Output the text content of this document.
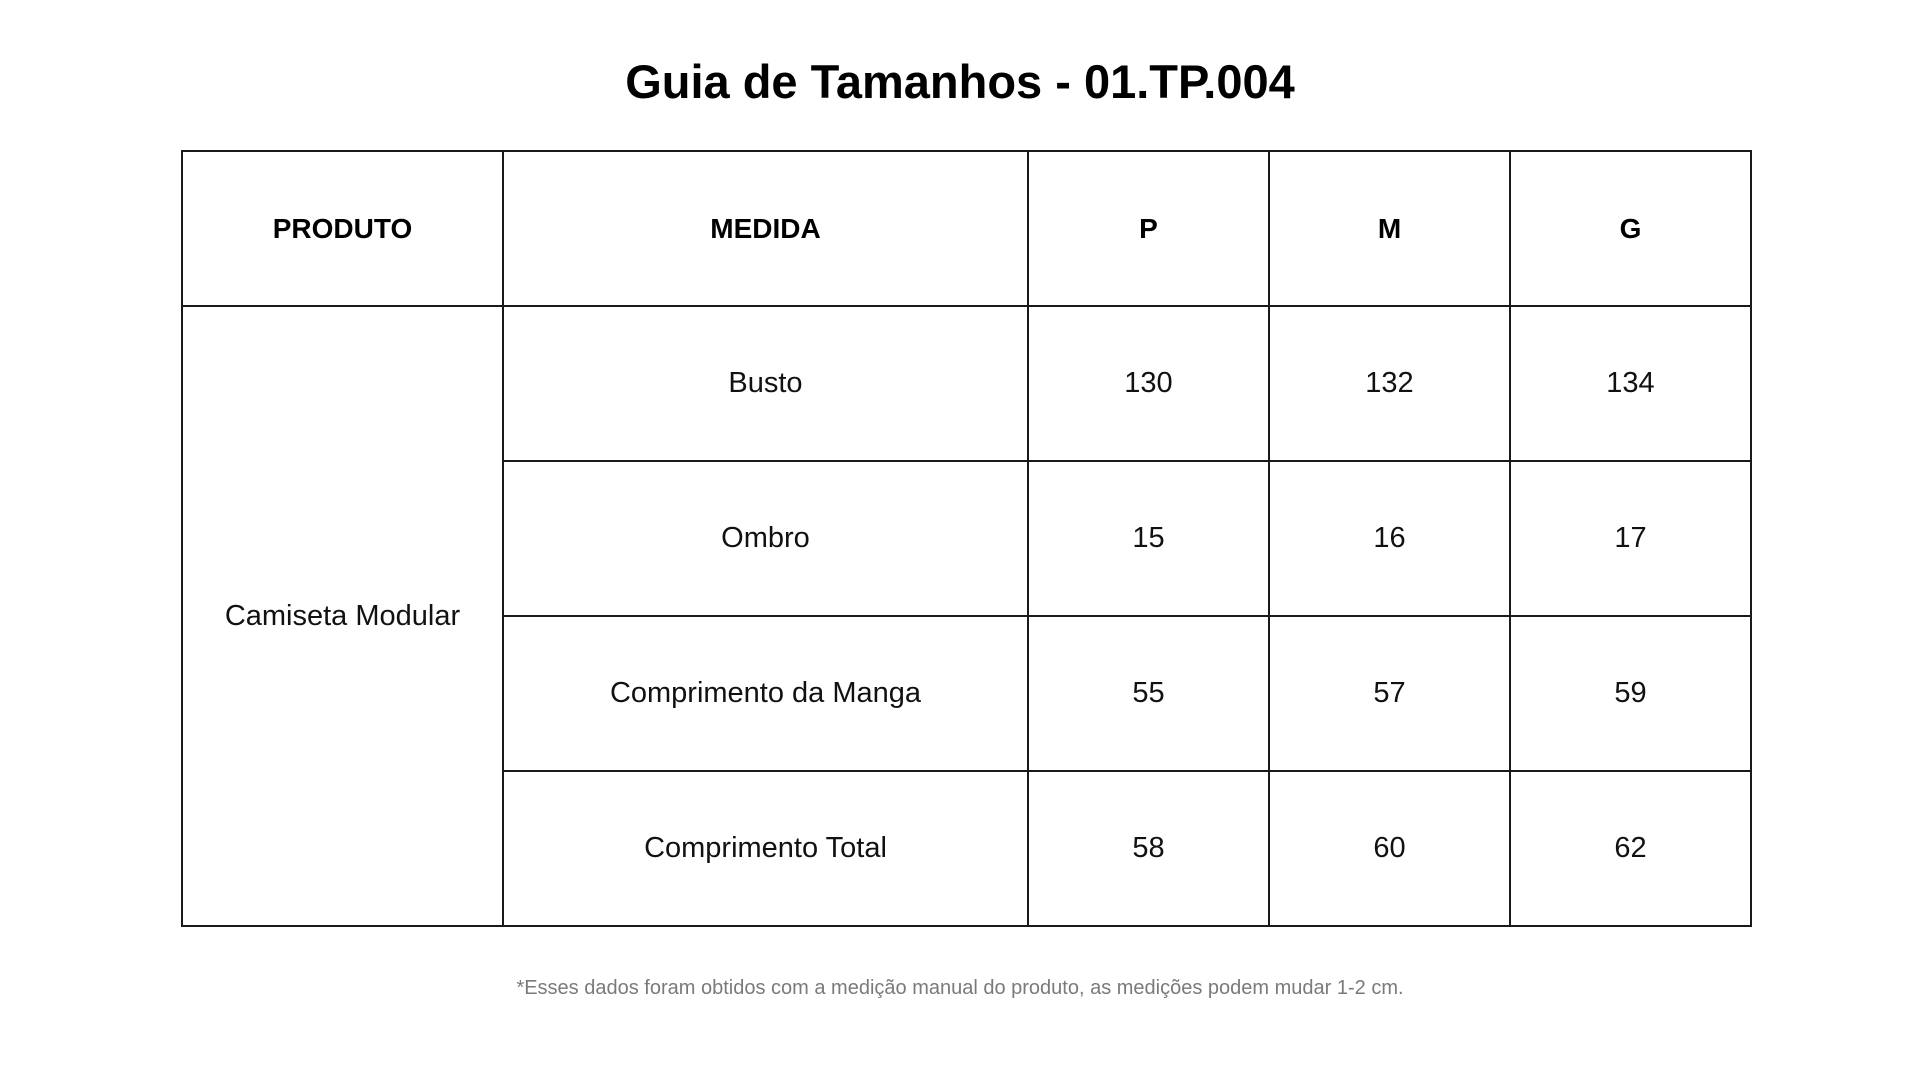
Guia de Tamanhos - 01.TP.004
PRODUTO	MEDIDA	P	M	G
Camiseta Modular	Busto	130	132	134
	Ombro	15	16	17
	Comprimento da Manga	55	57	59
	Comprimento Total	58	60	62

*Esses dados foram obtidos com a medição manual do produto, as medições podem mudar 1-2 cm.
